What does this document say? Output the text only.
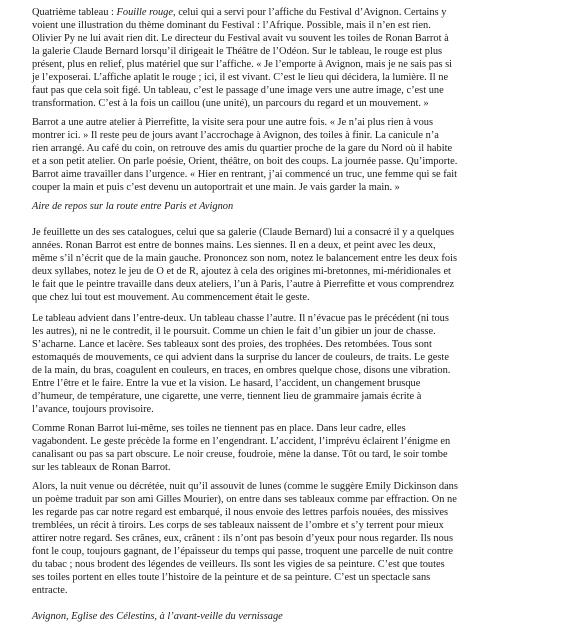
Quatrième tableau : Fouille rouge, celui qui a servi pour l’affiche du Festival d’Avignon. Certains y
voient une illustration du thème dominant du Festival : l’Afrique. Possible, mais il n’en est rien.
Olivier Py ne lui avait rien dit. Le directeur du Festival avait vu souvent les toiles de Ronan Barrot à
la galerie Claude Bernard lorsqu’il dirigeait le Théâtre de l’Odéon. Sur le tableau, le rouge est plus
présent, plus en relief, plus matériel que sur l’affiche. « Je l’emporte à Avignon, mais je ne sais pas si
je l’exposerai. L’affiche aplatit le rouge ; ici, il est vivant. C’est le lieu qui décidera, la lumière. Il ne
faut pas que cela soit figé. Un tableau, c’est le passage d’une image vers une autre image, c’est une
transformation. C’est à la fois un caillou (une unité), un parcours du regard et un mouvement. »
Barrot a une autre atelier à Pierrefitte, la visite sera pour une autre fois. « Je n’ai plus rien à vous
montrer ici. » Il reste peu de jours avant l’accrochage à Avignon, des toiles à finir. La canicule n’a
rien arrangé. Au café du coin, on retrouve des amis du quartier proche de la gare du Nord où il habite
et a son petit atelier. On parle poésie, Orient, théâtre, on boit des coups. La journée passe. Qu’importe.
Barrot aime travailler dans l’urgence. « Hier en rentrant, j’ai commencé un truc, une femme qui se fait
couper la main et puis c’est devenu un autoportrait et une main. Je vais garder la main. »
Aire de repos sur la route entre Paris et Avignon
Je feuillette un des ses catalogues, celui que sa galerie (Claude Bernard) lui a consacré il y a quelques
années. Ronan Barrot est entre de bonnes mains. Les siennes. Il en a deux, et peint avec les deux,
même s’il n’écrit que de la main gauche. Prononcez son nom, notez le balancement entre les deux fois
deux syllabes, notez le jeu de O et de R, ajoutez à cela des origines mi-bretonnes, mi-méridionales et
le fait que le peintre travaille dans deux ateliers, l’un à Paris, l’autre à Pierrefitte et vous comprendrez
que chez lui tout est mouvement. Au commencement était le geste.
Le tableau advient dans l’entre-deux. Un tableau chasse l’autre. Il n’évacue pas le précédent (ni tous
les autres), ni ne le contredit, il le poursuit. Comme un chien le fait d’un gibier un jour de chasse.
S’acharne. Lance et lacère. Ses tableaux sont des proies, des trophées. Des retombées. Tous sont
estomaqués de mouvements, ce qui advient dans la surprise du lancer de couleurs, de traits. Le geste
de la main, du bras, coagulent en couleurs, en traces, en ombres quelque chose, disons une vibration.
Entre l’être et le faire. Entre la vue et la vision. Le hasard, l’accident, un changement brusque
d’humeur, de température, une cigarette, une verre, tiennent lieu de grammaire jamais écrite à
l’avance, toujours provisoire.
Comme Ronan Barrot lui-même, ses toiles ne tiennent pas en place. Dans leur cadre, elles
vagabondent. Le geste précède la forme en l’engendrant. L’accident, l’imprévu éclairent l’énigme en
canalisant ou pas sa part obscure. Le noir creuse, foudroie, mène la danse. Tôt ou tard, le soir tombe
sur les tableaux de Ronan Barrot.
Alors, la nuit venue ou décrétée, nuit qu’il assouvit de lunes (comme le suggère Emily Dickinson dans
un poème traduit par son ami Gilles Mourier), on entre dans ses tableaux comme par effraction. On ne
les regarde pas car notre regard est embarqué, il nous envoie des lettres parfois nouées, des missives
tremblées, un récit à tiroirs. Les corps de ses tableaux naissent de l’ombre et s’y terrent pour mieux
attirer notre regard. Ses crânes, eux, crânent : ils n’ont pas besoin d’yeux pour nous regarder. Ils nous
font le coup, toujours gagnant, de l’épaisseur du temps qui passe, troquent une parcelle de nuit contre
du tabac ; nous brodent des légendes de veilleurs. Ils sont les vigies de sa peinture. C’est que toutes
ses toiles portent en elles toute l’histoire de la peinture et de sa peinture. C’est un spectacle sans
entracte.
Avignon, Eglise des Célestins, à l’avant-veille du vernissage
